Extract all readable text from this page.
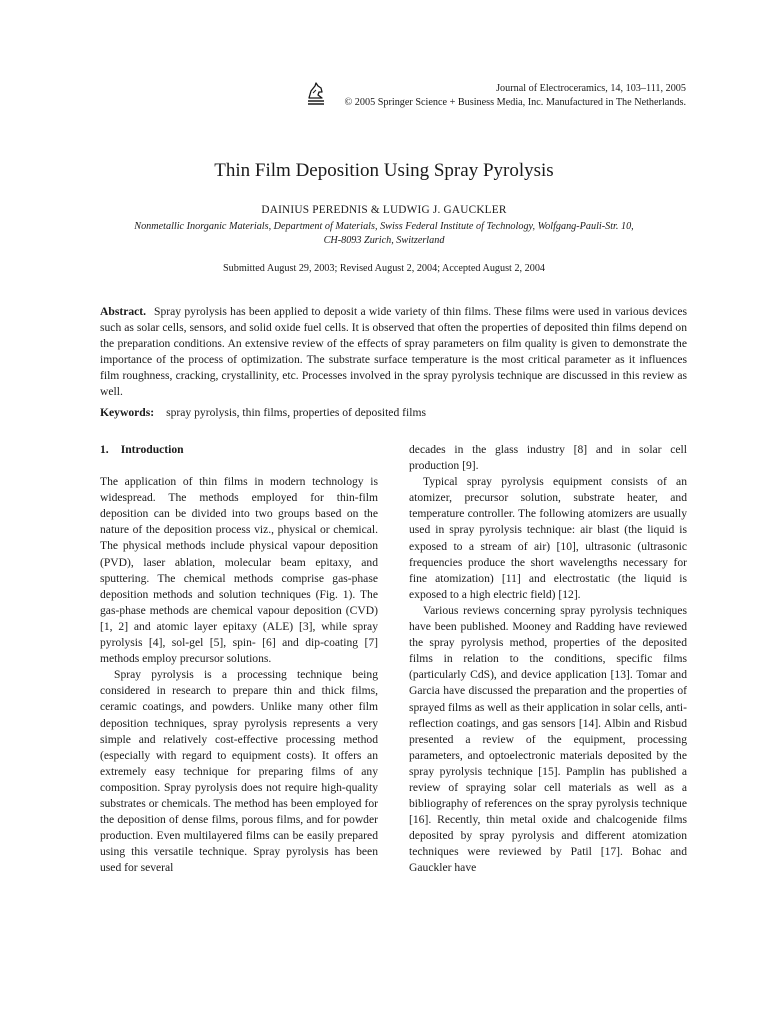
Journal of Electroceramics, 14, 103–111, 2005
© 2005 Springer Science + Business Media, Inc. Manufactured in The Netherlands.
Thin Film Deposition Using Spray Pyrolysis
DAINIUS PEREDNIS & LUDWIG J. GAUCKLER
Nonmetallic Inorganic Materials, Department of Materials, Swiss Federal Institute of Technology, Wolfgang-Pauli-Str. 10,
CH-8093 Zurich, Switzerland
Submitted August 29, 2003; Revised August 2, 2004; Accepted August 2, 2004

Abstract. Spray pyrolysis has been applied to deposit a wide variety of thin films. These films were used in various devices such as solar cells, sensors, and solid oxide fuel cells. It is observed that often the properties of deposited thin films depend on the preparation conditions. An extensive review of the effects of spray parameters on film quality is given to demonstrate the importance of the process of optimization. The substrate surface temperature is the most critical parameter as it influences film roughness, cracking, crystallinity, etc. Processes involved in the spray pyrolysis technique are discussed in this review as well.

Keywords: spray pyrolysis, thin films, properties of deposited films
1. Introduction

The application of thin films in modern technology is widespread. The methods employed for thin-film deposition can be divided into two groups based on the nature of the deposition process viz., physical or chemical. The physical methods include physical vapour deposition (PVD), laser ablation, molecular beam epitaxy, and sputtering. The chemical methods comprise gas-phase deposition methods and solution techniques (Fig. 1). The gas-phase methods are chemical vapour deposition (CVD) [1, 2] and atomic layer epitaxy (ALE) [3], while spray pyrolysis [4], sol-gel [5], spin- [6] and dip-coating [7] methods employ precursor solutions.

Spray pyrolysis is a processing technique being considered in research to prepare thin and thick films, ceramic coatings, and powders. Unlike many other film deposition techniques, spray pyrolysis represents a very simple and relatively cost-effective processing method (especially with regard to equipment costs). It offers an extremely easy technique for preparing films of any composition. Spray pyrolysis does not require high-quality substrates or chemicals. The method has been employed for the deposition of dense films, porous films, and for powder production. Even multilayered films can be easily prepared using this versatile technique. Spray pyrolysis has been used for several

decades in the glass industry [8] and in solar cell production [9].

Typical spray pyrolysis equipment consists of an atomizer, precursor solution, substrate heater, and temperature controller. The following atomizers are usually used in spray pyrolysis technique: air blast (the liquid is exposed to a stream of air) [10], ultrasonic (ultrasonic frequencies produce the short wavelengths necessary for fine atomization) [11] and electrostatic (the liquid is exposed to a high electric field) [12].

Various reviews concerning spray pyrolysis techniques have been published. Mooney and Radding have reviewed the spray pyrolysis method, properties of the deposited films in relation to the conditions, specific films (particularly CdS), and device application [13]. Tomar and Garcia have discussed the preparation and the properties of sprayed films as well as their application in solar cells, anti-reflection coatings, and gas sensors [14]. Albin and Risbud presented a review of the equipment, processing parameters, and optoelectronic materials deposited by the spray pyrolysis technique [15]. Pamplin has published a review of spraying solar cell materials as well as a bibliography of references on the spray pyrolysis technique [16]. Recently, thin metal oxide and chalcogenide films deposited by spray pyrolysis and different atomization techniques were reviewed by Patil [17]. Bohac and Gauckler have
